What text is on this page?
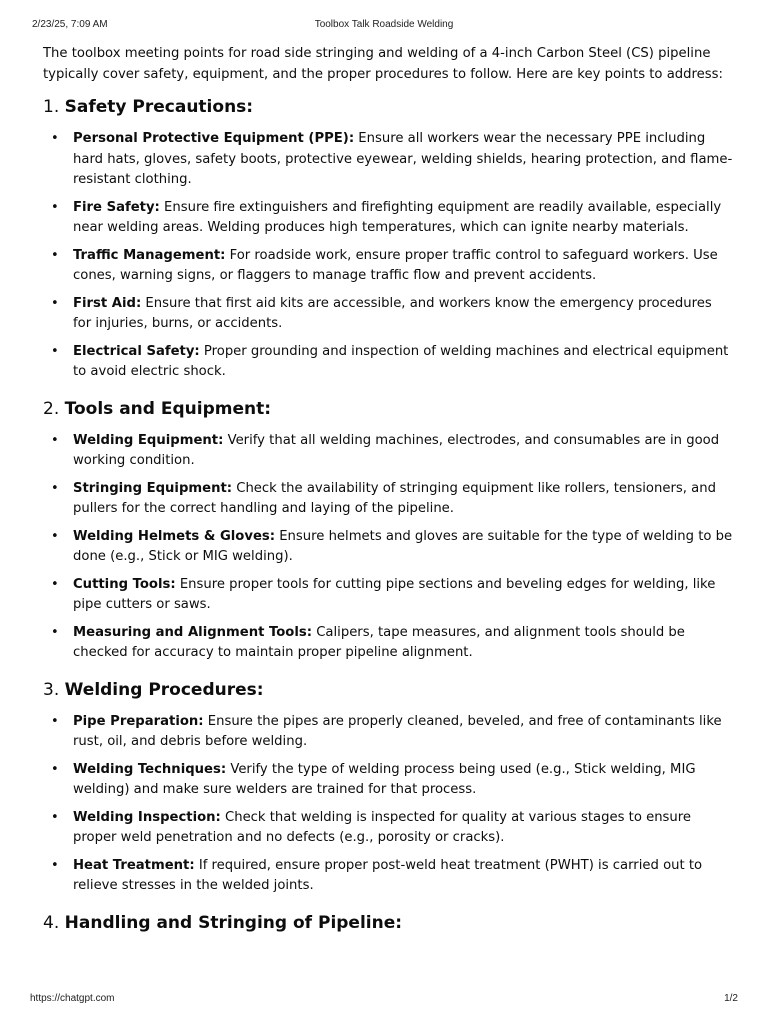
2/23/25, 7:09 AM	Toolbox Talk Roadside Welding

The toolbox meeting points for road side stringing and welding of a 4-inch Carbon Steel (CS) pipeline typically cover safety, equipment, and the proper procedures to follow. Here are key points to address:

1. Safety Precautions:
• Personal Protective Equipment (PPE): Ensure all workers wear the necessary PPE including hard hats, gloves, safety boots, protective eyewear, welding shields, hearing protection, and flame-resistant clothing.
• Fire Safety: Ensure fire extinguishers and firefighting equipment are readily available, especially near welding areas. Welding produces high temperatures, which can ignite nearby materials.
• Traffic Management: For roadside work, ensure proper traffic control to safeguard workers. Use cones, warning signs, or flaggers to manage traffic flow and prevent accidents.
• First Aid: Ensure that first aid kits are accessible, and workers know the emergency procedures for injuries, burns, or accidents.
• Electrical Safety: Proper grounding and inspection of welding machines and electrical equipment to avoid electric shock.
2. Tools and Equipment:
• Welding Equipment: Verify that all welding machines, electrodes, and consumables are in good working condition.
• Stringing Equipment: Check the availability of stringing equipment like rollers, tensioners, and pullers for the correct handling and laying of the pipeline.
• Welding Helmets & Gloves: Ensure helmets and gloves are suitable for the type of welding to be done (e.g., Stick or MIG welding).
• Cutting Tools: Ensure proper tools for cutting pipe sections and beveling edges for welding, like pipe cutters or saws.
• Measuring and Alignment Tools: Calipers, tape measures, and alignment tools should be checked for accuracy to maintain proper pipeline alignment.
3. Welding Procedures:
• Pipe Preparation: Ensure the pipes are properly cleaned, beveled, and free of contaminants like rust, oil, and debris before welding.
• Welding Techniques: Verify the type of welding process being used (e.g., Stick welding, MIG welding) and make sure welders are trained for that process.
• Welding Inspection: Check that welding is inspected for quality at various stages to ensure proper weld penetration and no defects (e.g., porosity or cracks).
• Heat Treatment: If required, ensure proper post-weld heat treatment (PWHT) is carried out to relieve stresses in the welded joints.
4. Handling and Stringing of Pipeline:
https://chatgpt.com	1/2
